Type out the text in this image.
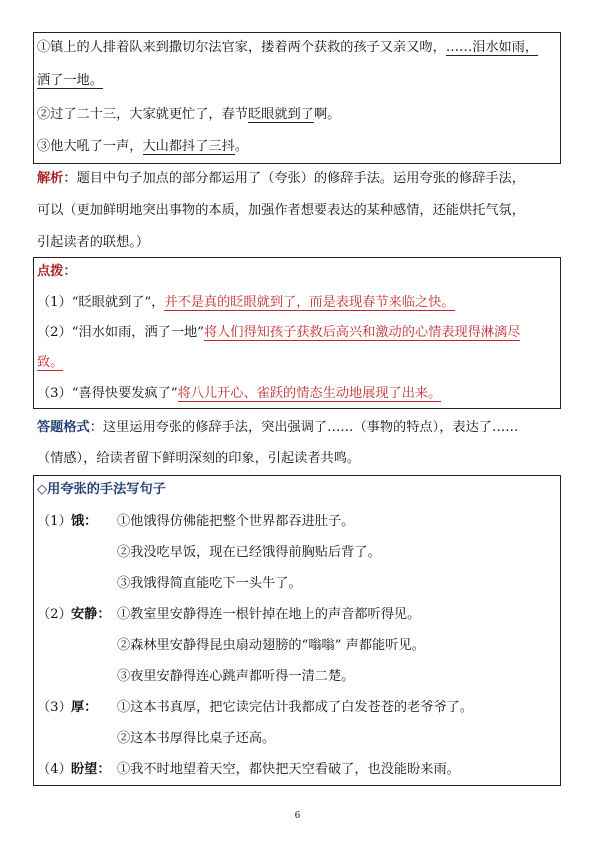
①镇上的人排着队来到撒切尔法官家，搂着两个获救的孩子又亲又吻，……泪水如雨，
洒了一地。
②过了二十三，大家就更忙了，春节眨眼就到了啊。
③他大吼了一声，大山都抖了三抖。
解析：题目中句子加点的部分都运用了（夸张）的修辞手法。运用夸张的修辞手法，
可以（更加鲜明地突出事物的本质，加强作者想要表达的某种感情，还能烘托气氛，
引起读者的联想。）
点拨：
（1）“眨眼就到了”，并不是真的眨眼就到了，而是表现春节来临之快。
（2）“泪水如雨，洒了一地”将人们得知孩子获救后高兴和激动的心情表现得淋漓尽
致。
（3）“喜得快要发疯了”将八儿开心、雀跃的情态生动地展现了出来。
答题格式：这里运用夸张的修辞手法，突出强调了……（事物的特点），表达了……
（情感），给读者留下鲜明深刻的印象，引起读者共鸣。
◇用夸张的手法写句子
（1） 饿： ①他饿得仿佛能把整个世界都吞进肚子。
②我没吃早饭，现在已经饿得前胸贴后背了。
③我饿得简直能吃下一头牛了。
（2） 安静： ①教室里安静得连一根针掉在地上的声音都听得见。
②森林里安静得昆虫扇动翅膀的“嗡嗡” 声都能听见。
③夜里安静得连心跳声都听得一清二楚。
（3） 厚： ①这本书真厚，把它读完估计我都成了白发苍苍的老爷爷了。
②这本书厚得比桌子还高。
（4） 盼望： ①我不时地望着天空，都快把天空看破了，也没能盼来雨。
6
